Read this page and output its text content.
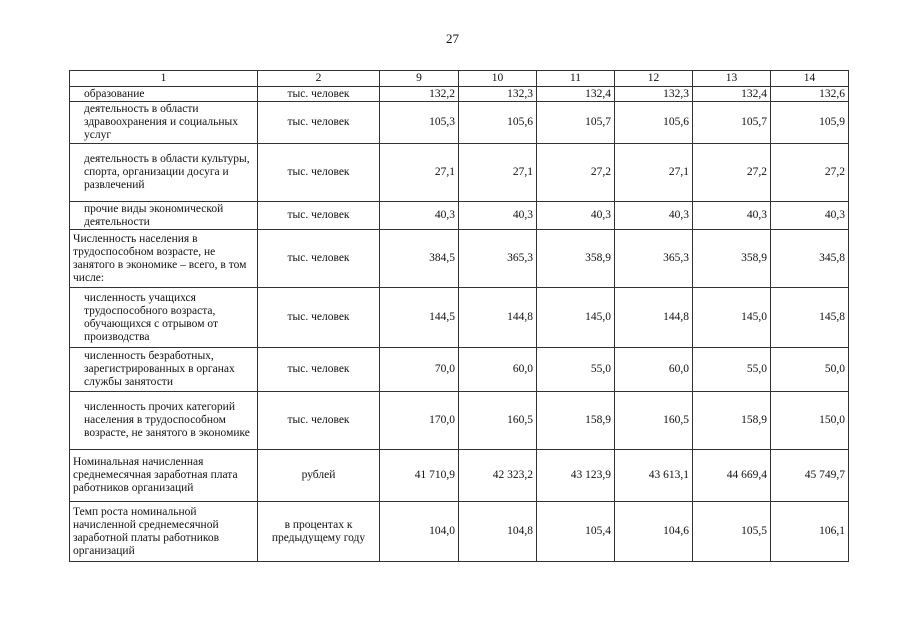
27
1	2	9	10	11	12	13	14
образование	тыс. человек	132,2	132,3	132,4	132,3	132,4	132,6
деятельность в области здравоохранения и социальных услуг	тыс. человек	105,3	105,6	105,7	105,6	105,7	105,9
деятельность в области культуры, спорта, организации досуга и развлечений	тыс. человек	27,1	27,1	27,2	27,1	27,2	27,2
прочие виды экономической деятельности	тыс. человек	40,3	40,3	40,3	40,3	40,3	40,3
Численность населения в трудоспособном возрасте, не занятого в экономике – всего, в том числе:	тыс. человек	384,5	365,3	358,9	365,3	358,9	345,8
численность учащихся трудоспособного возраста, обучающихся с отрывом от производства	тыс. человек	144,5	144,8	145,0	144,8	145,0	145,8
численность безработных, зарегистрированных в органах службы занятости	тыс. человек	70,0	60,0	55,0	60,0	55,0	50,0
численность прочих категорий населения в трудоспособном возрасте, не занятого в экономике	тыс. человек	170,0	160,5	158,9	160,5	158,9	150,0
Номинальная начисленная среднемесячная заработная плата работников организаций	рублей	41 710,9	42 323,2	43 123,9	43 613,1	44 669,4	45 749,7
Темп роста номинальной начисленной среднемесячной заработной платы работников организаций	в процентах к предыдущему году	104,0	104,8	105,4	104,6	105,5	106,1
